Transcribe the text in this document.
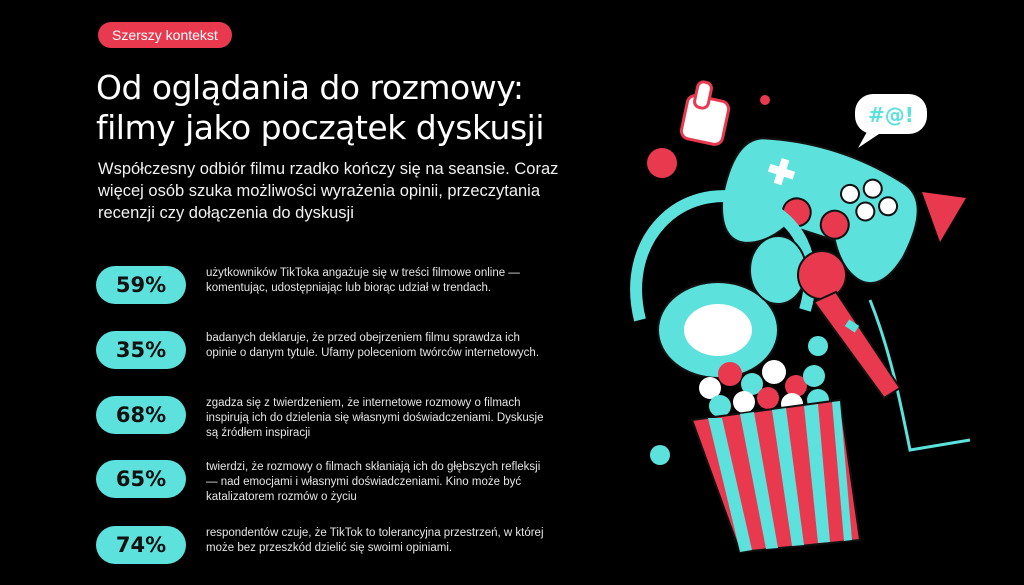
Szerszy kontekst
Od oglądania do rozmowy:
filmy jako początek dyskusji

Współczesny odbiór filmu rzadko kończy się na seansie. Coraz więcej osób szuka możliwości wyrażenia opinii, przeczytania recenzji czy dołączenia do dyskusji

59%	użytkowników TikToka angażuje się w treści filmowe online — komentując, udostępniając lub biorąc udział w trendach.
35%	badanych deklaruje, że przed obejrzeniem filmu sprawdza ich opinie o danym tytule. Ufamy poleceniom twórców internetowych.
68%	zgadza się z twierdzeniem, że internetowe rozmowy o filmach inspirują ich do dzielenia się własnymi doświadczeniami. Dyskusje są źródłem inspiracji
65%	twierdzi, że rozmowy o filmach skłaniają ich do głębszych refleksji — nad emocjami i własnymi doświadczeniami. Kino może być katalizatorem rozmów o życiu
74%	respondentów czuje, że TikTok to tolerancyjna przestrzeń, w której może bez przeszkód dzielić się swoimi opiniami.
#@!
